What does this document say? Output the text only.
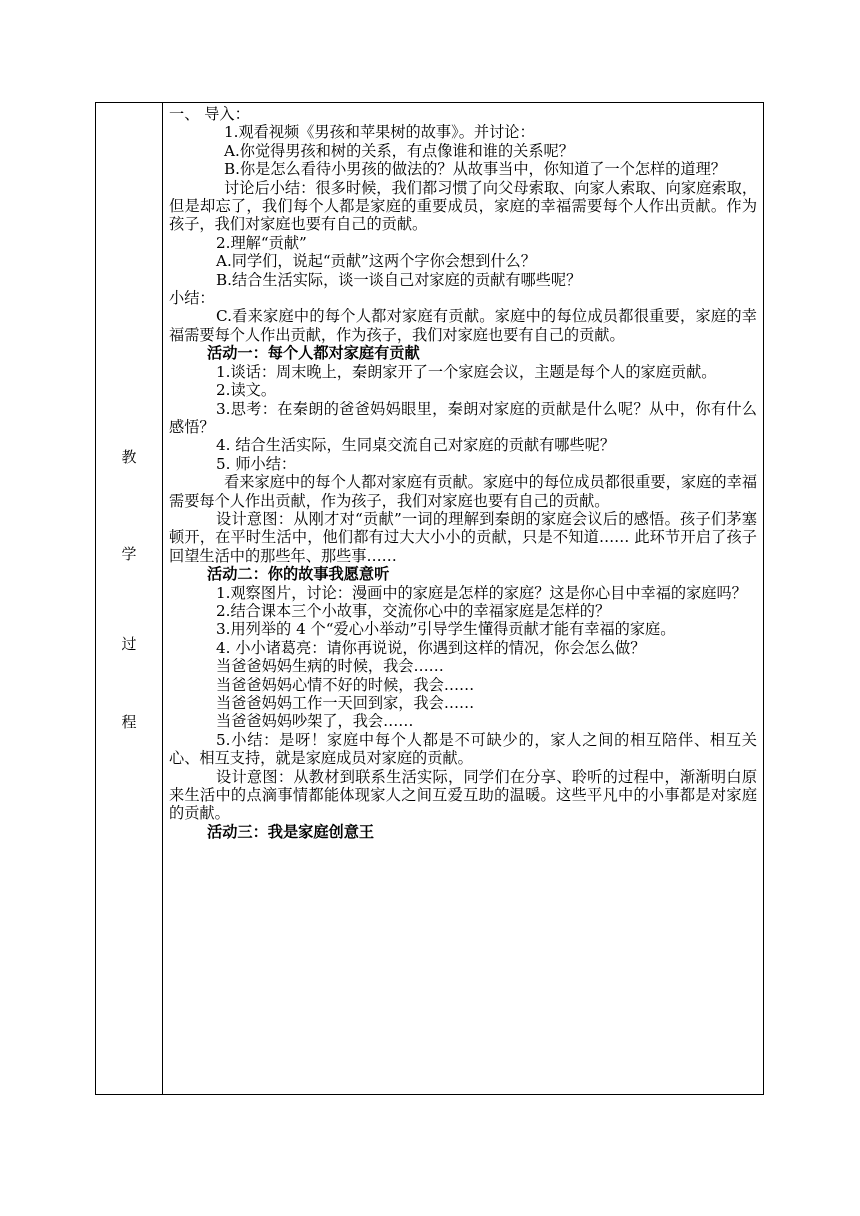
教
学
过
程

一、 导入：

1.观看视频《男孩和苹果树的故事》。并讨论：

A.你觉得男孩和树的关系，有点像谁和谁的关系呢？

B.你是怎么看待小男孩的做法的？从故事当中，你知道了一个怎样的道理？

讨论后小结：很多时候，我们都习惯了向父母索取、向家人索取、向家庭索取，但是却忘了，我们每个人都是家庭的重要成员，家庭的幸福需要每个人作出贡献。作为孩子，我们对家庭也要有自己的贡献。

2.理解“贡献”

A.同学们，说起“贡献”这两个字你会想到什么？

B.结合生活实际，谈一谈自己对家庭的贡献有哪些呢？

小结：

C.看来家庭中的每个人都对家庭有贡献。家庭中的每位成员都很重要，家庭的幸福需要每个人作出贡献，作为孩子，我们对家庭也要有自己的贡献。

活动一：每个人都对家庭有贡献

1.谈话：周末晚上，秦朗家开了一个家庭会议，主题是每个人的家庭贡献。

2.读文。

3.思考：在秦朗的爸爸妈妈眼里，秦朗对家庭的贡献是什么呢？从中，你有什么感悟？

4. 结合生活实际，生同桌交流自己对家庭的贡献有哪些呢？

5. 师小结：

看来家庭中的每个人都对家庭有贡献。家庭中的每位成员都很重要，家庭的幸福需要每个人作出贡献，作为孩子，我们对家庭也要有自己的贡献。

设计意图：从刚才对“贡献”一词的理解到秦朗的家庭会议后的感悟。孩子们茅塞顿开，在平时生活中，他们都有过大大小小的贡献，只是不知道…… 此环节开启了孩子回望生活中的那些年、那些事……

活动二：你的故事我愿意听

1.观察图片，讨论：漫画中的家庭是怎样的家庭？这是你心目中幸福的家庭吗？

2.结合课本三个小故事，交流你心中的幸福家庭是怎样的？

3.用列举的 4 个“爱心小举动”引导学生懂得贡献才能有幸福的家庭。

4. 小小诸葛亮：请你再说说，你遇到这样的情况，你会怎么做？

当爸爸妈妈生病的时候，我会……

当爸爸妈妈心情不好的时候，我会……

当爸爸妈妈工作一天回到家，我会……

当爸爸妈妈吵架了，我会……

5.小结：是呀！家庭中每个人都是不可缺少的，家人之间的相互陪伴、相互关心、相互支持，就是家庭成员对家庭的贡献。

设计意图：从教材到联系生活实际，同学们在分享、聆听的过程中，渐渐明白原来生活中的点滴事情都能体现家人之间互爱互助的温暖。这些平凡中的小事都是对家庭的贡献。

活动三：我是家庭创意王
